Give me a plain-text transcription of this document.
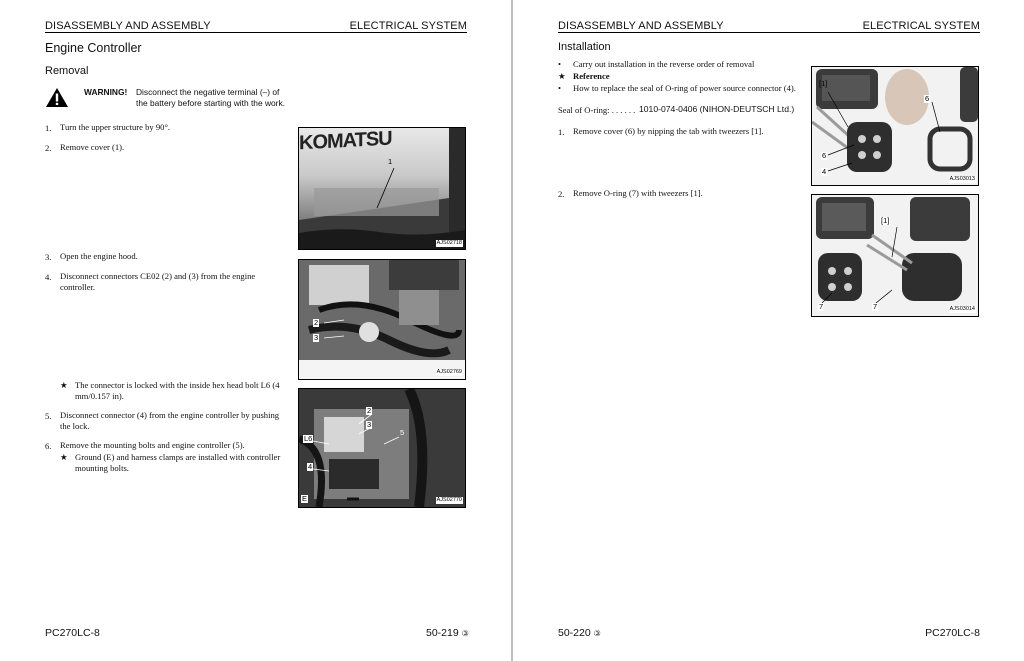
DISASSEMBLY AND ASSEMBLY	ELECTRICAL SYSTEM
Engine Controller
Removal
WARNING! Disconnect the negative terminal (–) of
the battery before starting with the work.
1. Turn the upper structure by 90°.
2. Remove cover (1).
3. Open the engine hood.
4. Disconnect connectors CE02 (2) and (3) from the engine
controller.
★ The connector is locked with the inside hex head bolt L6 (4
mm/0.157 in).
5. Disconnect connector (4) from the engine controller by pushing
the lock.
6. Remove the mounting bolts and engine controller (5).
★ Ground (E) and harness clamps are installed with controller
mounting bolts.
KOMATSU
1
AJS02718
2
3
AJS02769
2
3
L6
4
5
E	AJS02770
PC270LC-8	50-219 ③
DISASSEMBLY AND ASSEMBLY	ELECTRICAL SYSTEM
Installation
• Carry out installation in the reverse order of removal
★ Reference
• How to replace the seal of O-ring of power source connector (4).
Seal of O-ring: . . . . . . 1010-074-0406 (NIHON-DEUTSCH Ltd.)
1. Remove cover (6) by nipping the tab with tweezers [1].
2. Remove O-ring (7) with tweezers [1].
[1]
6
6
4
AJS03013
[1]
7	7	AJS03014
50-220 ③	PC270LC-8
